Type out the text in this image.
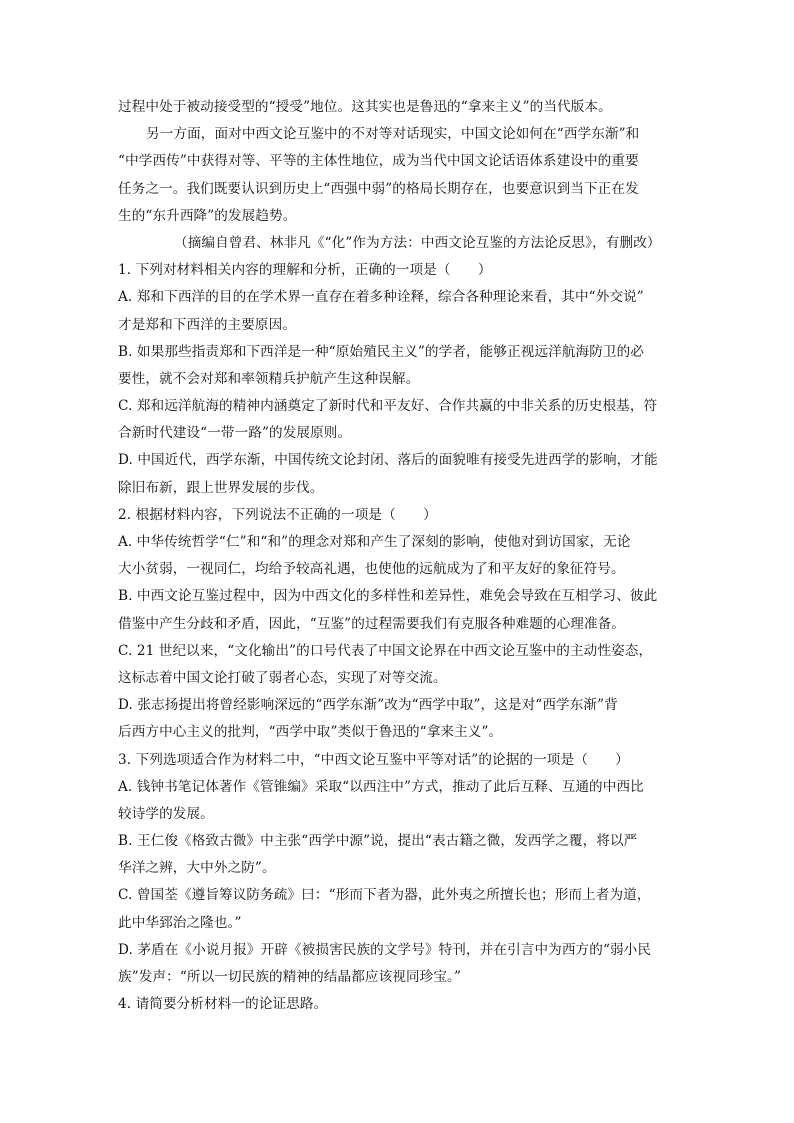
过程中处于被动接受型的“授受”地位。这其实也是鲁迅的“拿来主义”的当代版本。
另一方面，面对中西文论互鉴中的不对等对话现实，中国文论如何在“西学东渐”和
“中学西传”中获得对等、平等的主体性地位，成为当代中国文论话语体系建设中的重要
任务之一。我们既要认识到历史上“西强中弱”的格局长期存在，也要意识到当下正在发
生的“东升西降”的发展趋势。
（摘编自曾君、林非凡《“化”作为方法：中西文论互鉴的方法论反思》，有删改）
1. 下列对材料相关内容的理解和分析，正确的一项是（　　）
A. 郑和下西洋的目的在学术界一直存在着多种诠释，综合各种理论来看，其中“外交说”
才是郑和下西洋的主要原因。
B. 如果那些指责郑和下西洋是一种“原始殖民主义”的学者，能够正视远洋航海防卫的必
要性，就不会对郑和率领精兵护航产生这种误解。
C. 郑和远洋航海的精神内涵奠定了新时代和平友好、合作共赢的中非关系的历史根基，符
合新时代建设“一带一路”的发展原则。
D. 中国近代，西学东渐，中国传统文论封闭、落后的面貌唯有接受先进西学的影响，才能
除旧布新，跟上世界发展的步伐。
2. 根据材料内容，下列说法不正确的一项是（　　）
A. 中华传统哲学“仁”和“和”的理念对郑和产生了深刻的影响，使他对到访国家，无论
大小贫弱，一视同仁，均给予较高礼遇，也使他的远航成为了和平友好的象征符号。
B. 中西文论互鉴过程中，因为中西文化的多样性和差异性，难免会导致在互相学习、彼此
借鉴中产生分歧和矛盾，因此，“互鉴”的过程需要我们有克服各种难题的心理准备。
C. 21 世纪以来，“文化输出”的口号代表了中国文论界在中西文论互鉴中的主动性姿态，
这标志着中国文论打破了弱者心态，实现了对等交流。
D. 张志扬提出将曾经影响深远的“西学东渐”改为“西学中取”，这是对“西学东渐”背
后西方中心主义的批判，“西学中取”类似于鲁迅的“拿来主义”。
3. 下列选项适合作为材料二中，“中西文论互鉴中平等对话”的论据的一项是（　　）
A. 钱钟书笔记体著作《管锥编》采取“以西注中”方式，推动了此后互释、互通的中西比
较诗学的发展。
B. 王仁俊《格致古微》中主张“西学中源”说，提出“表古籍之微，发西学之覆，将以严
华洋之辨，大中外之防”。
C. 曾国荃《遵旨筹议防务疏》曰：“形而下者为器，此外夷之所擅长也；形而上者为道，
此中华郅治之隆也。”
D. 茅盾在《小说月报》开辟《被损害民族的文学号》特刊，并在引言中为西方的“弱小民
族”发声：“所以一切民族的精神的结晶都应该视同珍宝。”
4. 请简要分析材料一的论证思路。
